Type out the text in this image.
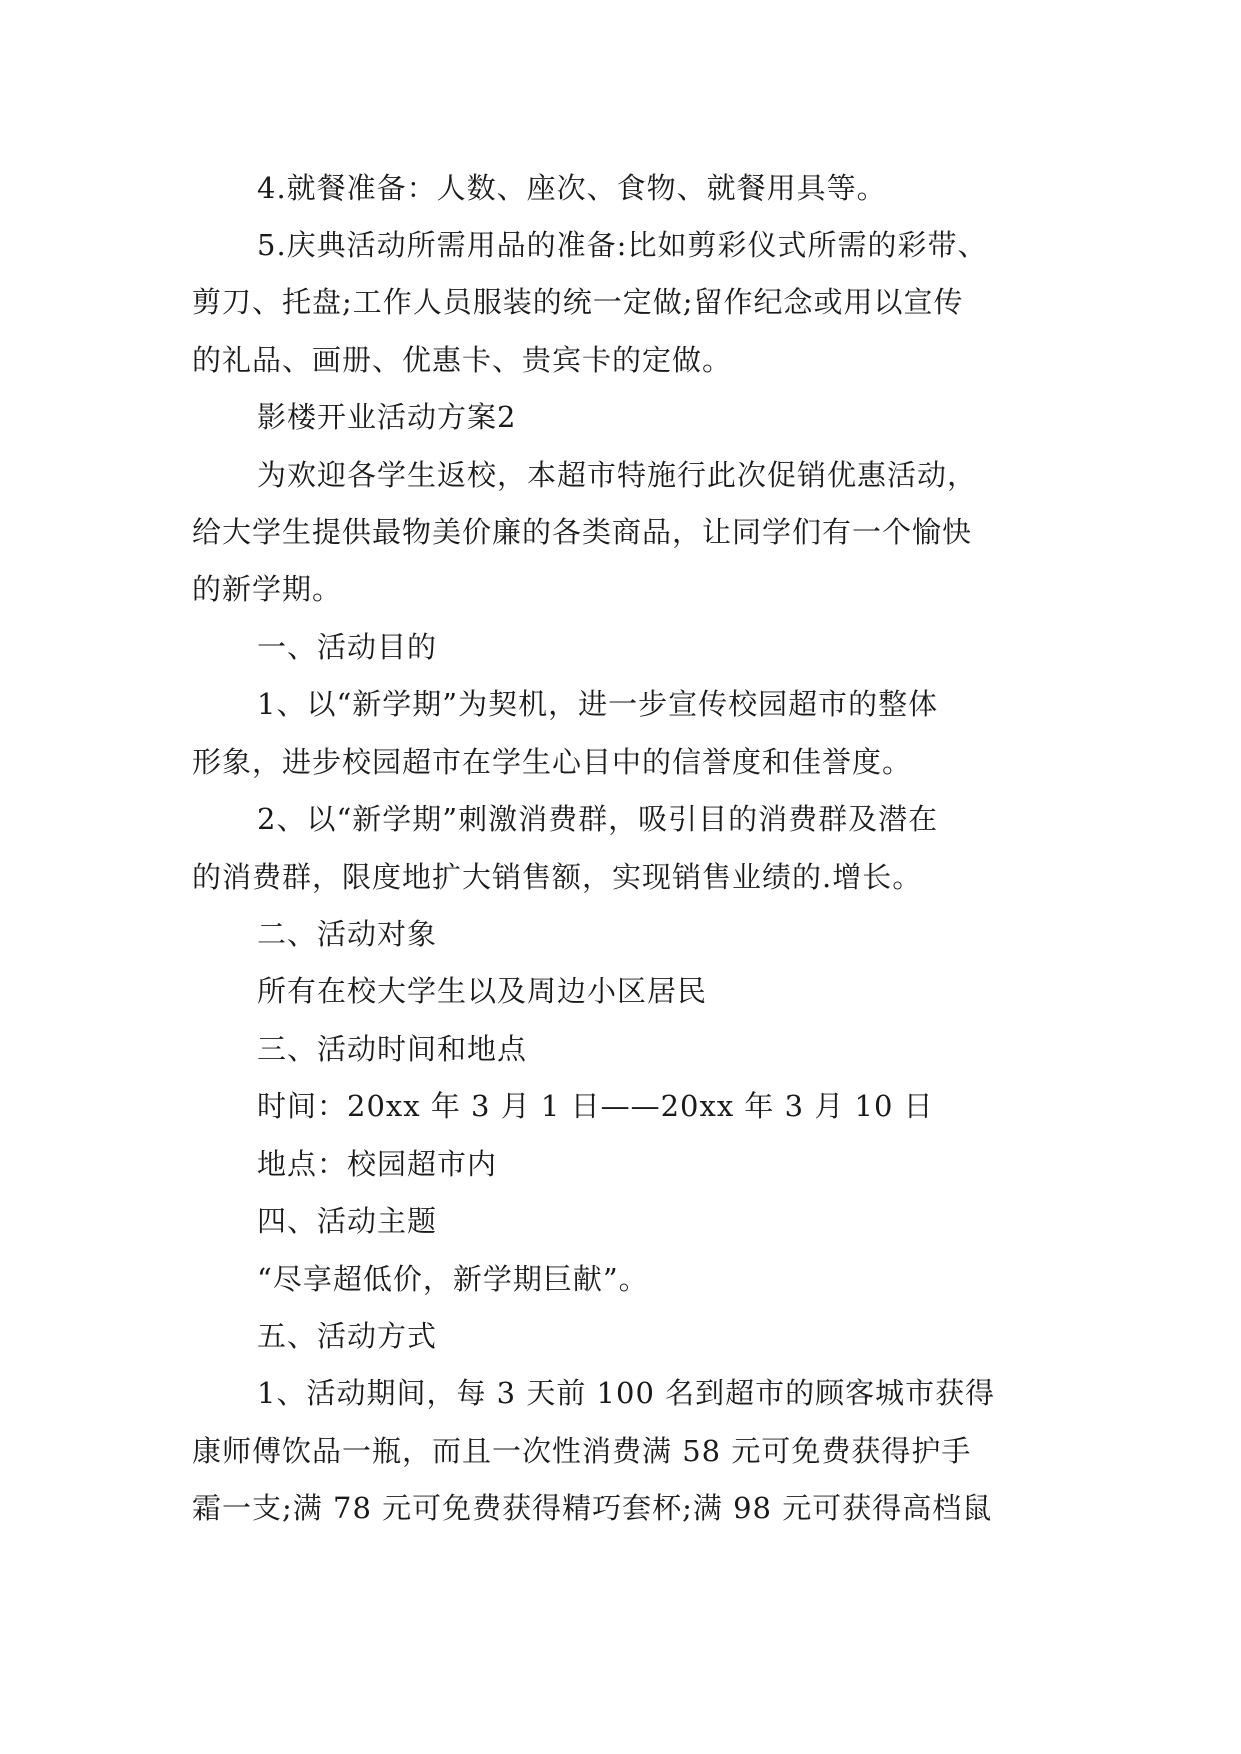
4.就餐准备：人数、座次、食物、就餐用具等。
5.庆典活动所需用品的准备:比如剪彩仪式所需的彩带、
剪刀、托盘;工作人员服装的统一定做;留作纪念或用以宣传
的礼品、画册、优惠卡、贵宾卡的定做。
影楼开业活动方案2
为欢迎各学生返校，本超市特施行此次促销优惠活动，
给大学生提供最物美价廉的各类商品，让同学们有一个愉快
的新学期。
一、活动目的
1、以“新学期”为契机，进一步宣传校园超市的整体
形象，进步校园超市在学生心目中的信誉度和佳誉度。
2、以“新学期”刺激消费群，吸引目的消费群及潜在
的消费群，限度地扩大销售额，实现销售业绩的.增长。
二、活动对象
所有在校大学生以及周边小区居民
三、活动时间和地点
时间：20xx 年 3 月 1 日——20xx 年 3 月 10 日
地点：校园超市内
四、活动主题
“尽享超低价，新学期巨献”。
五、活动方式
1、活动期间，每 3 天前 100 名到超市的顾客城市获得
康师傅饮品一瓶，而且一次性消费满 58 元可免费获得护手
霜一支;满 78 元可免费获得精巧套杯;满 98 元可获得高档鼠
